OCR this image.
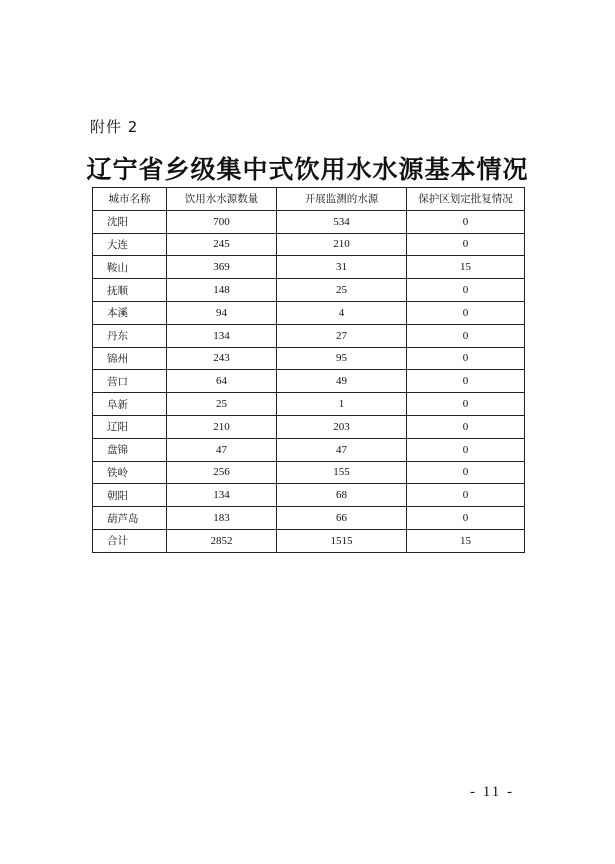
附件 2
辽宁省乡级集中式饮用水水源基本情况
城市名称	饮用水水源数量	开展监测的水源	保护区划定批复情况
沈阳	700	534	0
大连	245	210	0
鞍山	369	31	15
抚顺	148	25	0
本溪	94	4	0
丹东	134	27	0
锦州	243	95	0
营口	64	49	0
阜新	25	1	0
辽阳	210	203	0
盘锦	47	47	0
铁岭	256	155	0
朝阳	134	68	0
葫芦岛	183	66	0
合计	2852	1515	15
- 11 -
